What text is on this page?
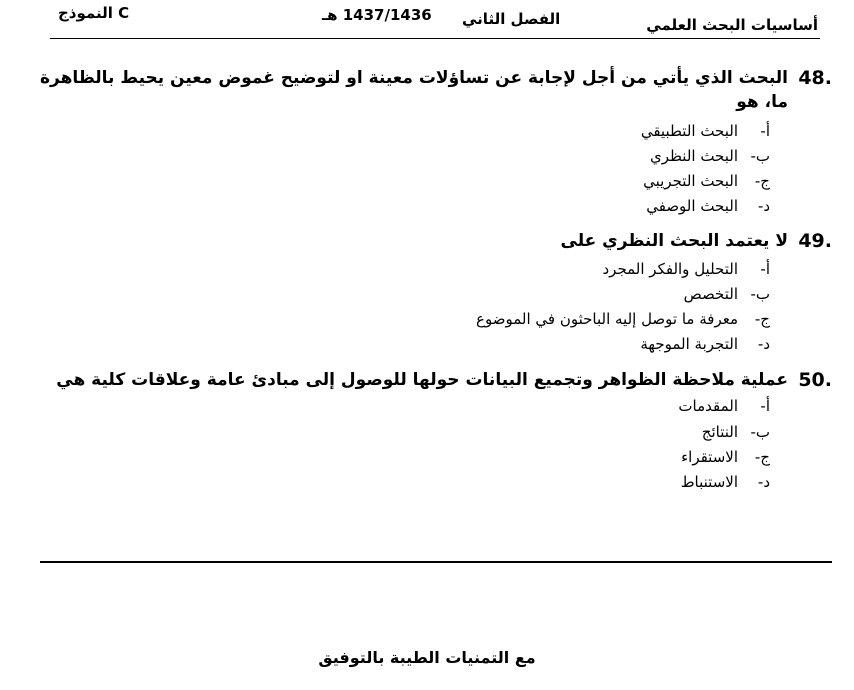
النموذج C	1437/1436 هـ الفصل الثاني	أساسيات البحث العلمي
48.
البحث الذي يأتي من أجل لإجابة عن تساؤلات معينة او لتوضيح غموض معين يحيط بالظاهرة ما، هو
أ-البحث التطبيقي
ب-البحث النظري
ج-البحث التجريبي
د-البحث الوصفي
49.
لا يعتمد البحث النظري على
أ-التحليل والفكر المجرد
ب-التخصص
ج-معرفة ما توصل إليه الباحثون في الموضوع
د-التجربة الموجهة
50.
عملية ملاحظة الظواهر وتجميع البيانات حولها للوصول إلى مبادئ عامة وعلاقات كلية هي
أ-المقدمات
ب-النتائج
ج-الاستقراء
د-الاستنباط
مع التمنيات الطيبة بالتوفيق
